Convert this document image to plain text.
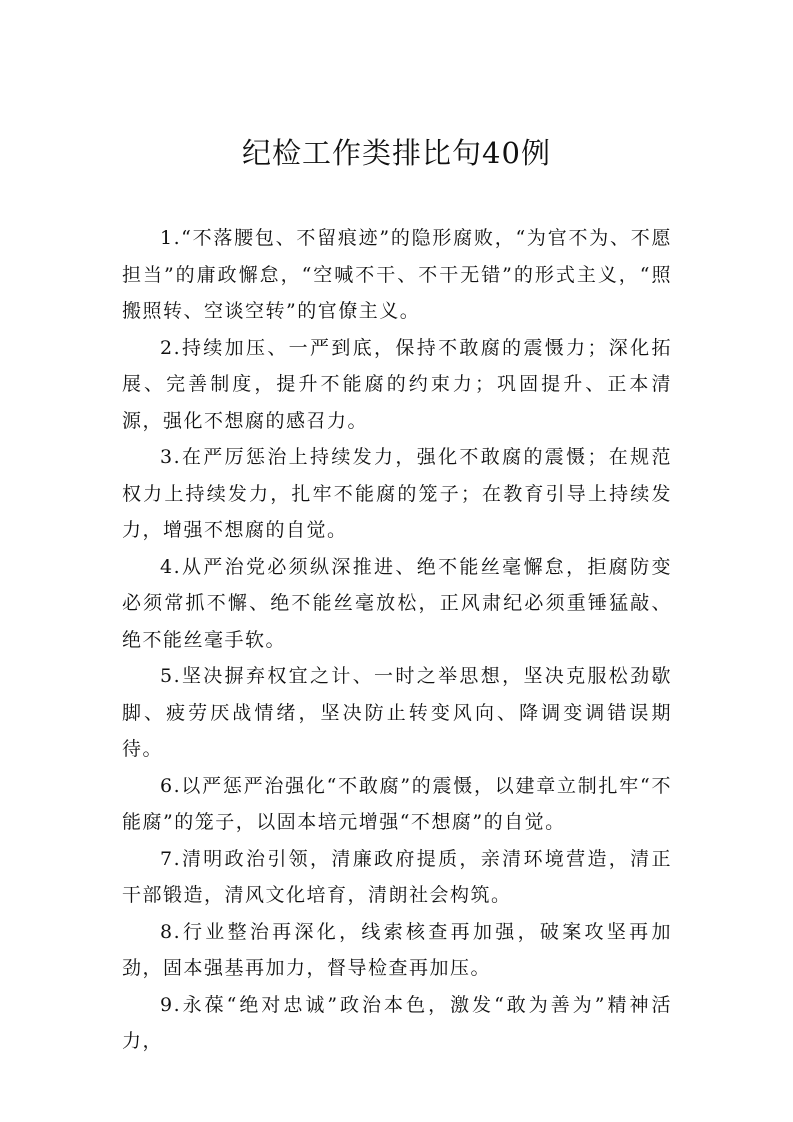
纪检工作类排比句40例

1.“不落腰包、不留痕迹”的隐形腐败，“为官不为、不愿担当”的庸政懈怠，“空喊不干、不干无错”的形式主义，“照搬照转、空谈空转”的官僚主义。

2.持续加压、一严到底，保持不敢腐的震慑力；深化拓展、完善制度，提升不能腐的约束力；巩固提升、正本清源，强化不想腐的感召力。

3.在严厉惩治上持续发力，强化不敢腐的震慑；在规范权力上持续发力，扎牢不能腐的笼子；在教育引导上持续发力，增强不想腐的自觉。

4.从严治党必须纵深推进、绝不能丝毫懈怠，拒腐防变必须常抓不懈、绝不能丝毫放松，正风肃纪必须重锤猛敲、绝不能丝毫手软。

5.坚决摒弃权宜之计、一时之举思想，坚决克服松劲歇脚、疲劳厌战情绪，坚决防止转变风向、降调变调错误期待。

6.以严惩严治强化“不敢腐”的震慑，以建章立制扎牢“不能腐”的笼子，以固本培元增强“不想腐”的自觉。

7.清明政治引领，清廉政府提质，亲清环境营造，清正干部锻造，清风文化培育，清朗社会构筑。

8.行业整治再深化，线索核查再加强，破案攻坚再加劲，固本强基再加力，督导检查再加压。

9.永葆“绝对忠诚”政治本色，激发“敢为善为”精神活力，
